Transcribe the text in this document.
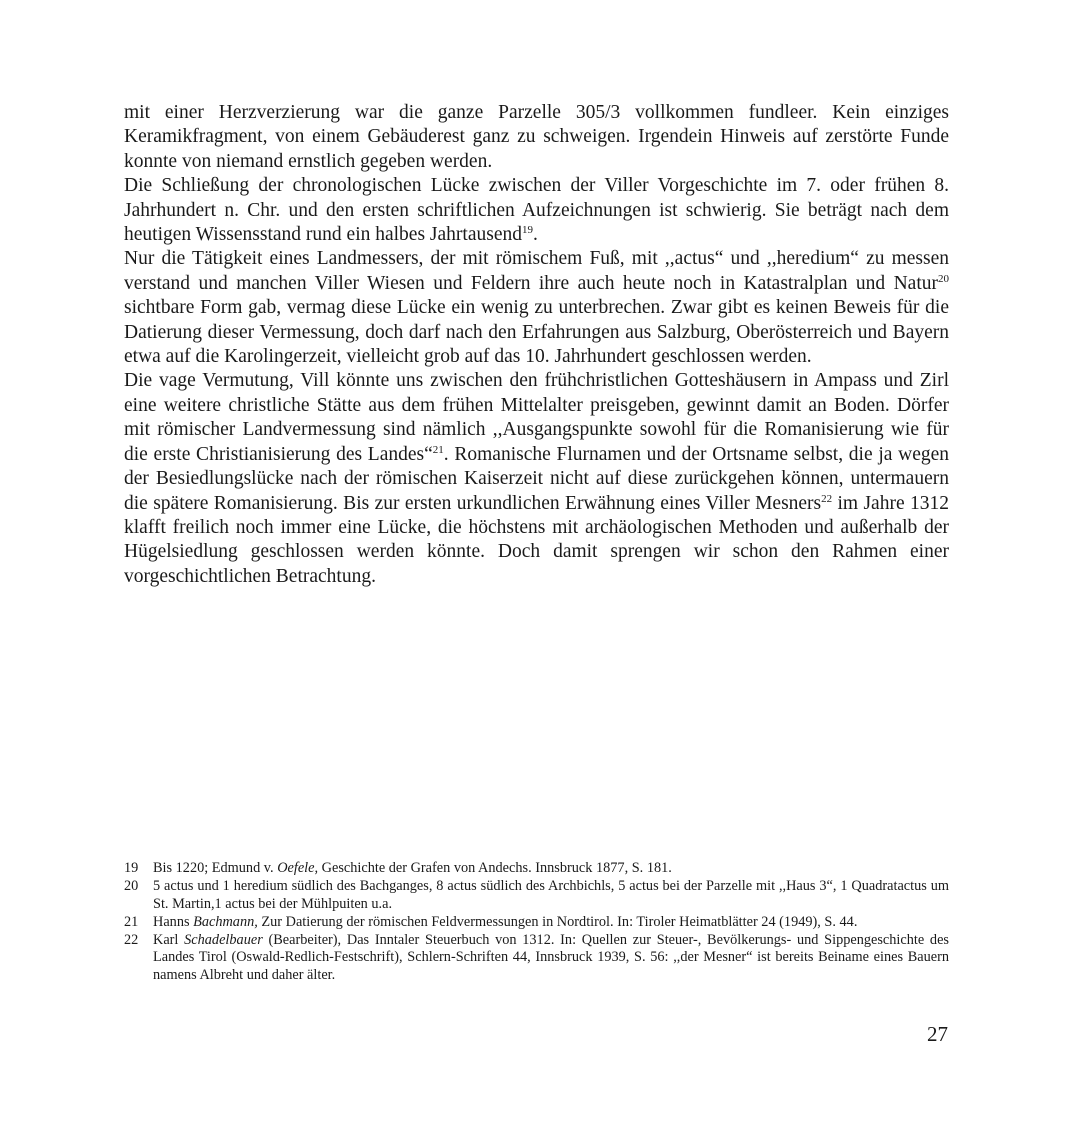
mit einer Herzverzierung war die ganze Parzelle 305/3 vollkommen fundleer. Kein einziges Keramikfragment, von einem Gebäuderest ganz zu schweigen. Irgendein Hinweis auf zerstörte Funde konnte von niemand ernstlich gegeben werden.

Die Schließung der chronologischen Lücke zwischen der Viller Vorgeschichte im 7. oder frühen 8. Jahrhundert n. Chr. und den ersten schriftlichen Aufzeichnungen ist schwierig. Sie beträgt nach dem heutigen Wissensstand rund ein halbes Jahrtausend$^{19}$.

Nur die Tätigkeit eines Landmessers, der mit römischem Fuß, mit ,,actus“ und ,,heredium“ zu messen verstand und manchen Viller Wiesen und Feldern ihre auch heute noch in Katastralplan und Natur$^{20}$ sichtbare Form gab, vermag diese Lücke ein wenig zu unterbrechen. Zwar gibt es keinen Beweis für die Datierung dieser Vermessung, doch darf nach den Erfahrungen aus Salzburg, Oberösterreich und Bayern etwa auf die Karolingerzeit, vielleicht grob auf das 10. Jahrhundert geschlossen werden.

Die vage Vermutung, Vill könnte uns zwischen den frühchristlichen Gotteshäusern in Ampass und Zirl eine weitere christliche Stätte aus dem frühen Mittelalter preisgeben, gewinnt damit an Boden. Dörfer mit römischer Landvermessung sind nämlich ,,Ausgangspunkte sowohl für die Romanisierung wie für die erste Christianisierung des Landes“$^{21}$. Romanische Flurnamen und der Ortsname selbst, die ja wegen der Besiedlungslücke nach der römischen Kaiserzeit nicht auf diese zurückgehen können, untermauern die spätere Romanisierung. Bis zur ersten urkundlichen Erwähnung eines Viller Mesners$^{22}$ im Jahre 1312 klafft freilich noch immer eine Lücke, die höchstens mit archäologischen Methoden und außerhalb der Hügelsiedlung geschlossen werden könnte. Doch damit sprengen wir schon den Rahmen einer vorgeschichtlichen Betrachtung.

19 Bis 1220; Edmund v. Oefele, Geschichte der Grafen von Andechs. Innsbruck 1877, S. 181.
20 5 actus und 1 heredium südlich des Bachganges, 8 actus südlich des Archbichls, 5 actus bei der Parzelle mit ,,Haus 3“, 1 Quadratactus um St. Martin,1 actus bei der Mühlpuiten u.a.
21 Hanns Bachmann, Zur Datierung der römischen Feldvermessungen in Nordtirol. In: Tiroler Heimatblätter 24 (1949), S. 44.
22 Karl Schadelbauer (Bearbeiter), Das Inntaler Steuerbuch von 1312. In: Quellen zur Steuer-, Bevölkerungs- und Sippengeschichte des Landes Tirol (Oswald-Redlich-Festschrift), Schlern-Schriften 44, Innsbruck 1939, S. 56: ,,der Mesner“ ist bereits Beiname eines Bauern namens Albreht und daher älter.
27
